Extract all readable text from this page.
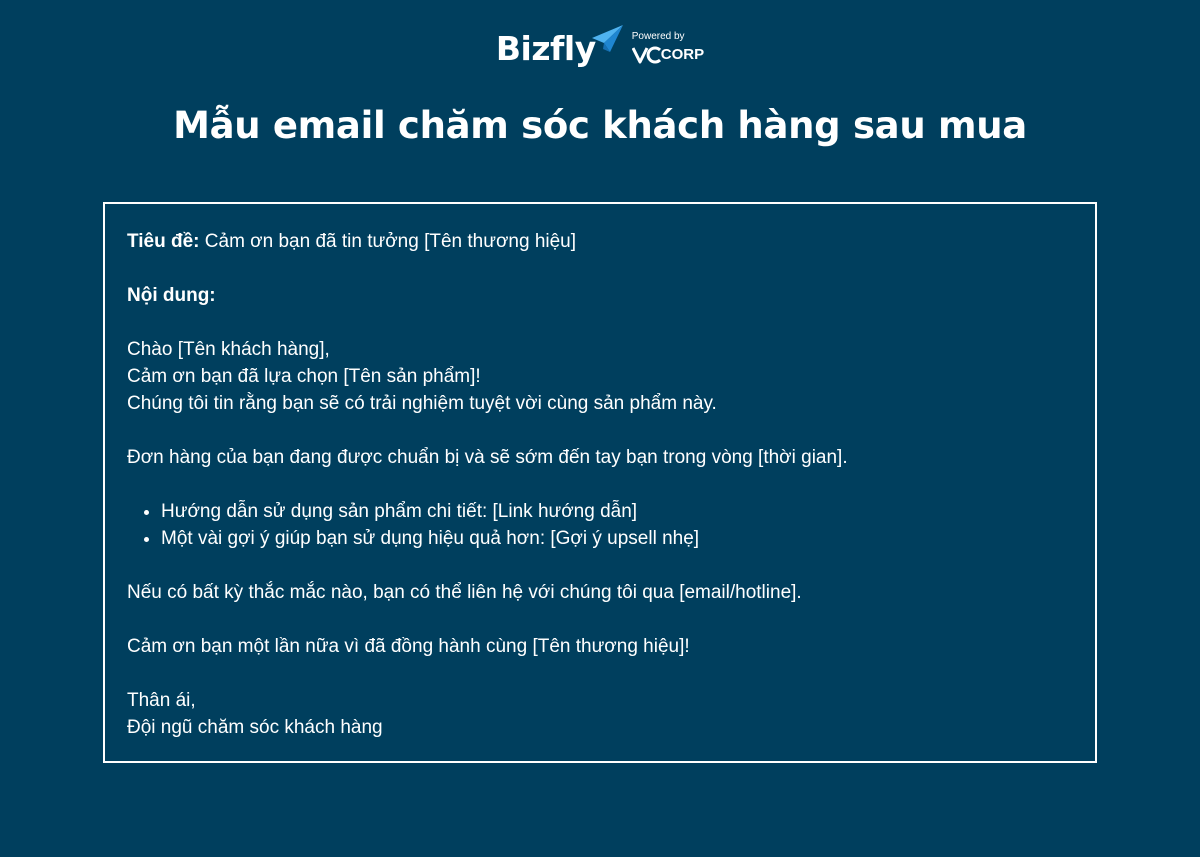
Bizfly	Powered by
CORP
Mẫu email chăm sóc khách hàng sau mua

Tiêu đề: Cảm ơn bạn đã tin tưởng [Tên thương hiệu]

Nội dung:

Chào [Tên khách hàng],

Cảm ơn bạn đã lựa chọn [Tên sản phẩm]!

Chúng tôi tin rằng bạn sẽ có trải nghiệm tuyệt vời cùng sản phẩm này.

Đơn hàng của bạn đang được chuẩn bị và sẽ sớm đến tay bạn trong vòng [thời gian].

• Hướng dẫn sử dụng sản phẩm chi tiết: [Link hướng dẫn]
• Một vài gợi ý giúp bạn sử dụng hiệu quả hơn: [Gợi ý upsell nhẹ]

Nếu có bất kỳ thắc mắc nào, bạn có thể liên hệ với chúng tôi qua [email/hotline].

Cảm ơn bạn một lần nữa vì đã đồng hành cùng [Tên thương hiệu]!

Thân ái,

Đội ngũ chăm sóc khách hàng
